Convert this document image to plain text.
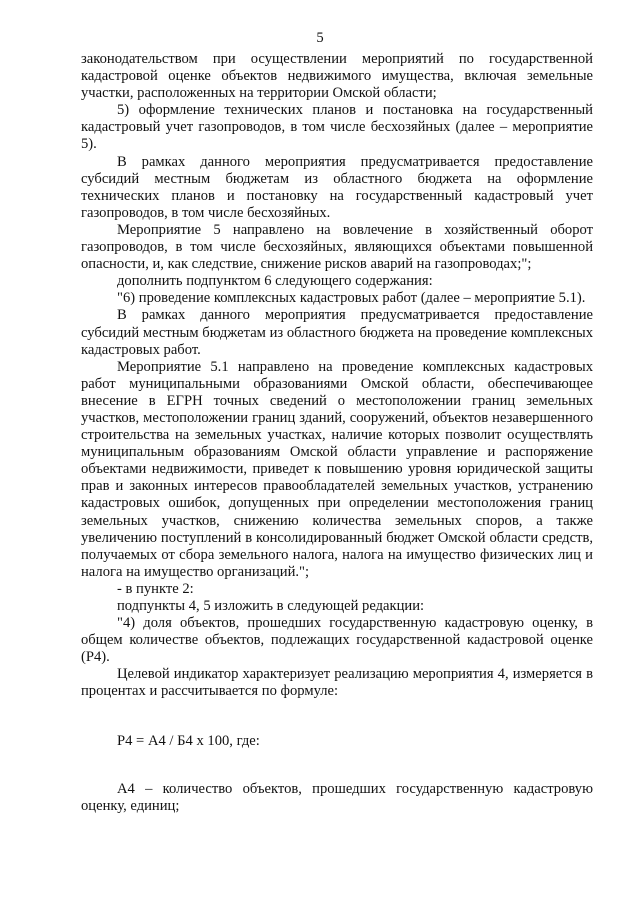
5

законодательством при осуществлении мероприятий по государственной кадастровой оценке объектов недвижимого имущества, включая земельные участки, расположенных на территории Омской области;

5) оформление технических планов и постановка на государственный кадастровый учет газопроводов, в том числе бесхозяйных (далее – мероприятие 5).

В рамках данного мероприятия предусматривается предоставление субсидий местным бюджетам из областного бюджета на оформление технических планов и постановку на государственный кадастровый учет газопроводов, в том числе бесхозяйных.

Мероприятие 5 направлено на вовлечение в хозяйственный оборот газопроводов, в том числе бесхозяйных, являющихся объектами повышенной опасности, и, как следствие, снижение рисков аварий на газопроводах;";

дополнить подпунктом 6 следующего содержания:

"6) проведение комплексных кадастровых работ (далее – мероприятие 5.1).

В рамках данного мероприятия предусматривается предоставление субсидий местным бюджетам из областного бюджета на проведение комплексных кадастровых работ.

Мероприятие 5.1 направлено на проведение комплексных кадастровых работ муниципальными образованиями Омской области, обеспечивающее внесение в ЕГРН точных сведений о местоположении границ земельных участков, местоположении границ зданий, сооружений, объектов незавершенного строительства на земельных участках, наличие которых позволит осуществлять муниципальным образованиям Омской области управление и распоряжение объектами недвижимости, приведет к повышению уровня юридической защиты прав и законных интересов правообладателей земельных участков, устранению кадастровых ошибок, допущенных при определении местоположения границ земельных участков, снижению количества земельных споров, а также увеличению поступлений в консолидированный бюджет Омской области средств, получаемых от сбора земельного налога, налога на имущество физических лиц и налога на имущество организаций.";

- в пункте 2:

подпункты 4, 5 изложить в следующей редакции:

"4) доля объектов, прошедших государственную кадастровую оценку, в общем количестве объектов, подлежащих государственной кадастровой оценке (Р4).

Целевой индикатор характеризует реализацию мероприятия 4, измеряется в процентах и рассчитывается по формуле:

Р4 = А4 / Б4 х 100, где:

А4 – количество объектов, прошедших государственную кадастровую оценку, единиц;
